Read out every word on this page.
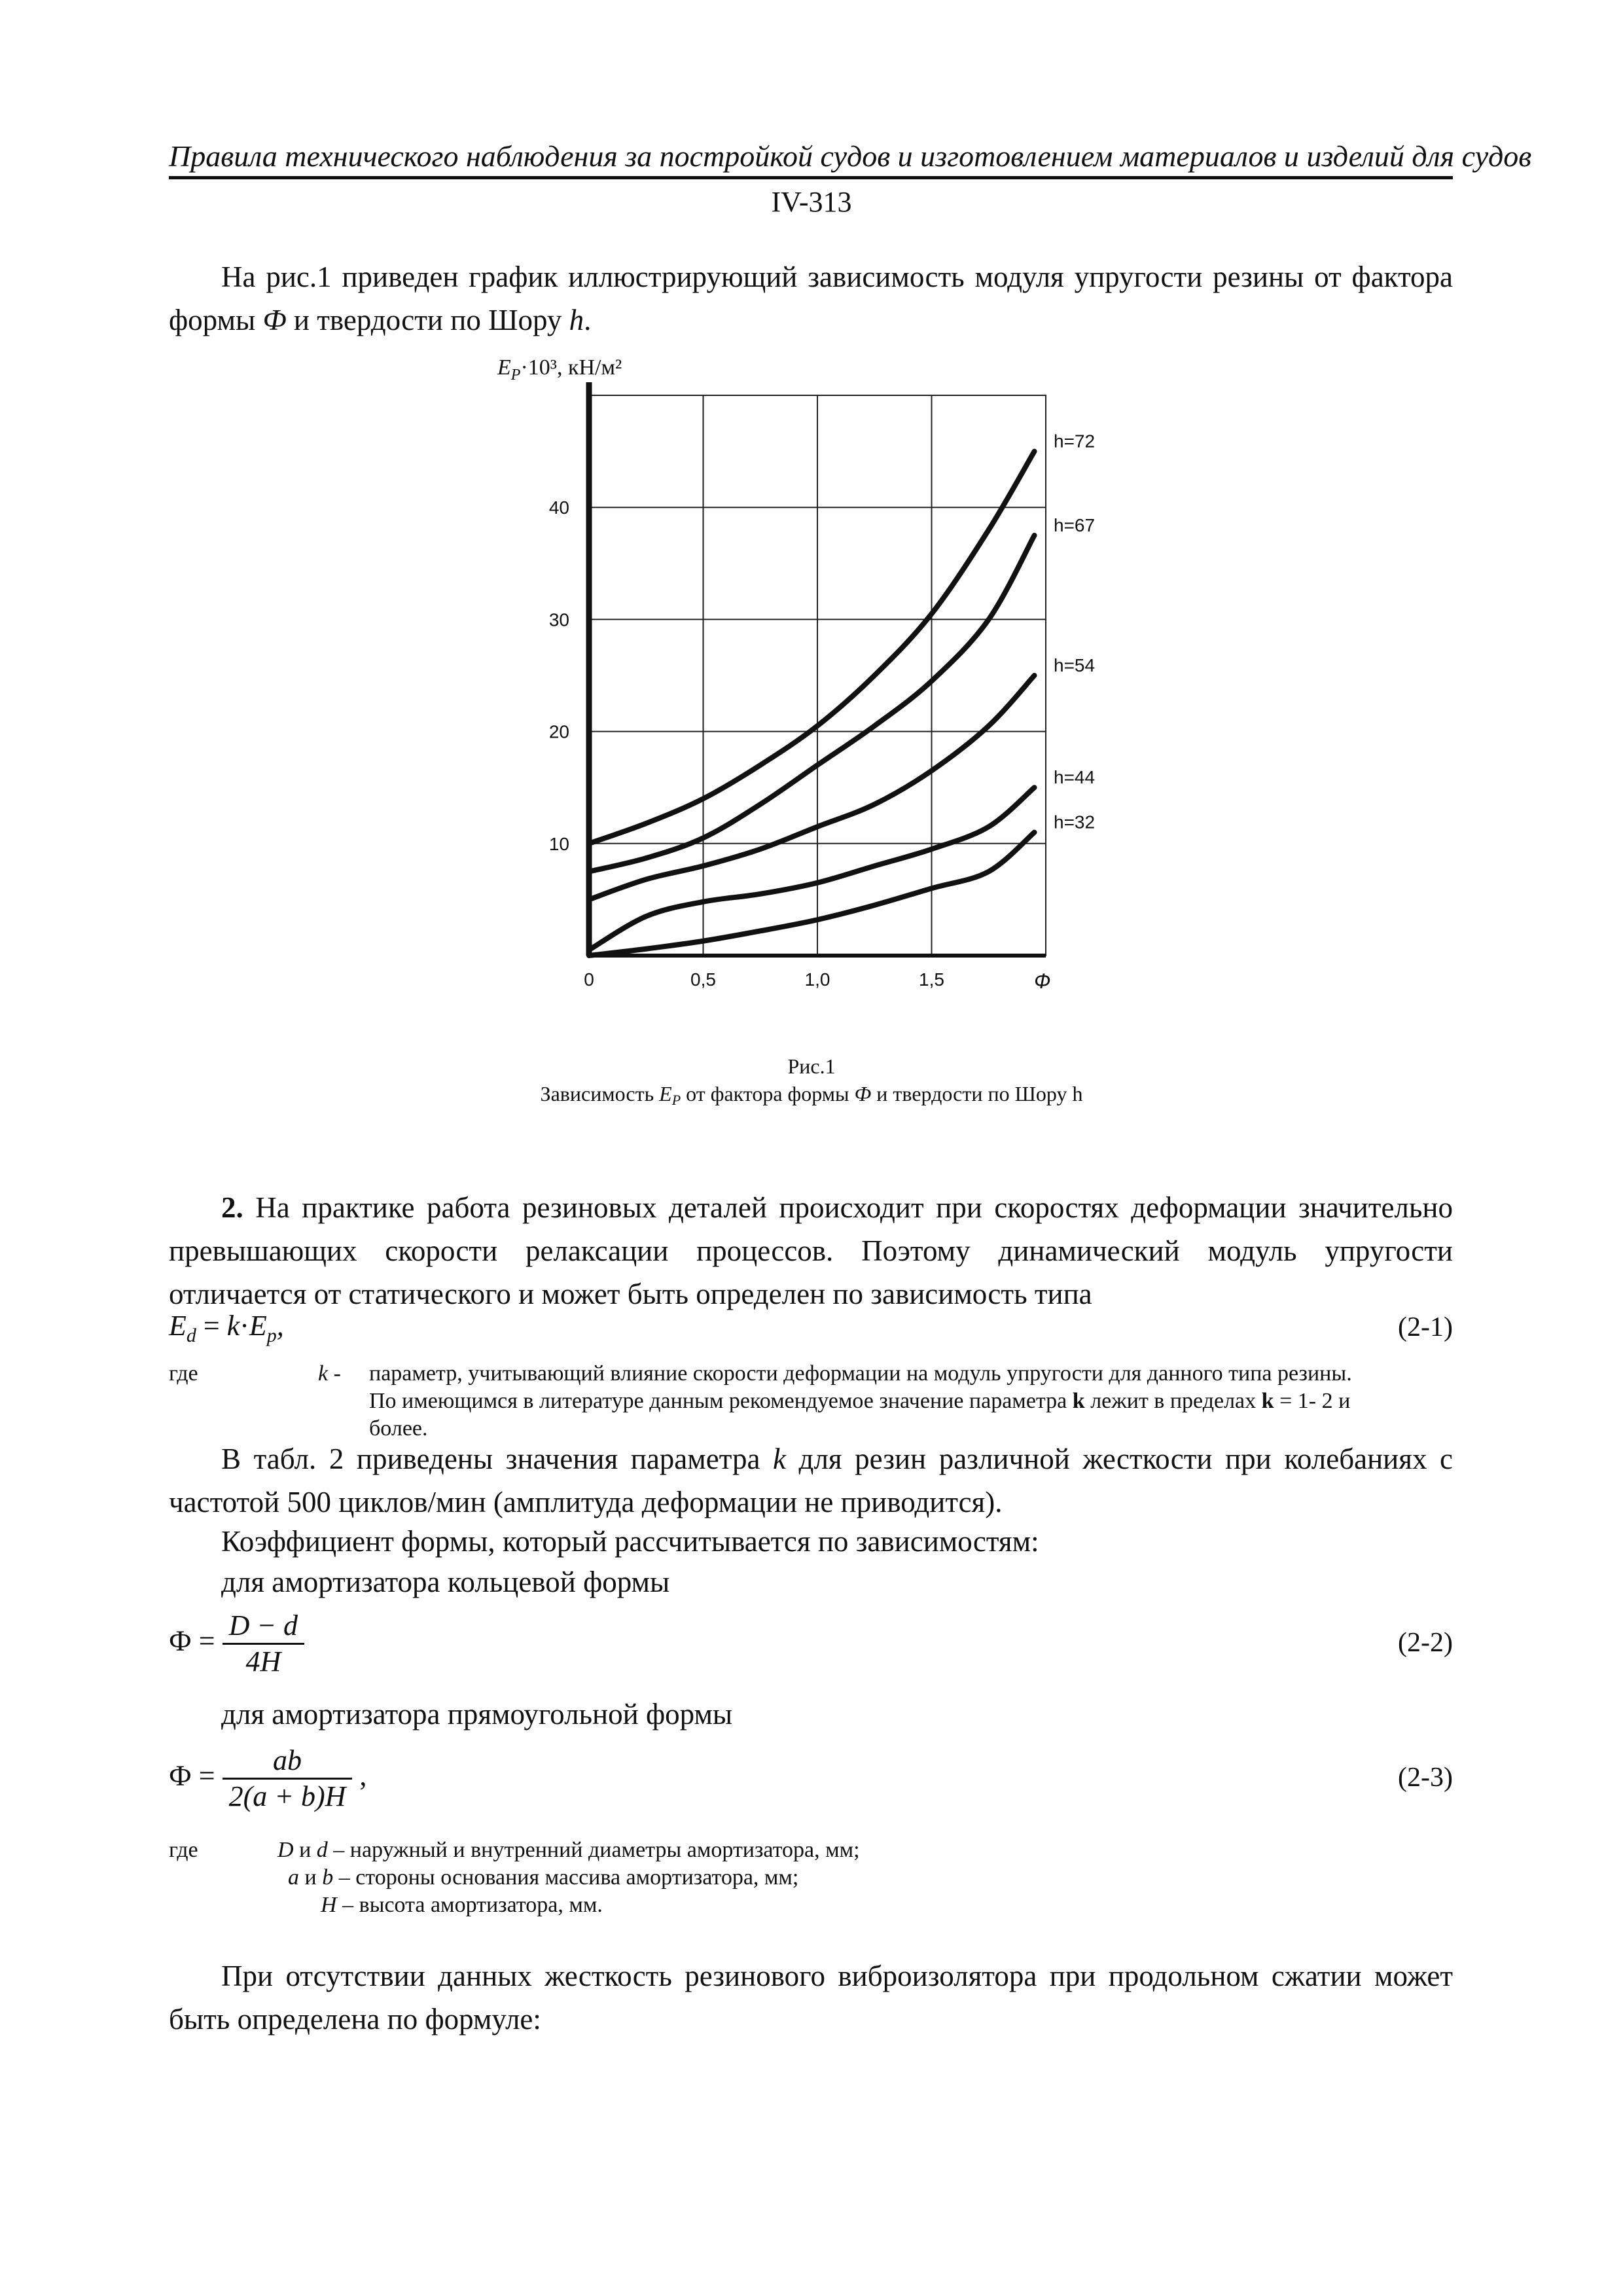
Правила технического наблюдения за постройкой судов и изготовлением материалов и изделий для судов
IV-313
На рис.1 приведен график иллюстрирующий зависимость модуля упругости резины от фактора формы Ф и твердости по Шору h.
$E_P\cdot 10^3$, кН/м²
Ф
0	0,5	1,0	1,5
10
20
30
40
h=72
h=67
h=54
h=44
h=32
Рис.1
Зависимость EP от фактора формы Ф и твердости по Шору h
2. На практике работа резиновых деталей происходит при скоростях деформации значительно превышающих скорости релаксации процессов. Поэтому динамический модуль упругости отличается от статического и может быть определен по зависимость типа
$E_d = k\cdot E_p$,	(2-1)
где	k - параметр, учитывающий влияние скорости деформации на модуль упругости для данного типа резины.
По имеющимся в литературе данным рекомендуемое значение параметра k лежит в пределах k = 1- 2 и
более.
В табл. 2 приведены значения параметра k для резин различной жесткости при колебаниях с частотой 500 циклов/мин (амплитуда деформации не приводится).
Коэффициент формы, который рассчитывается по зависимостям:
для амортизатора кольцевой формы
$Ф = \frac{D - d}{4H}$	(2-2)
для амортизатора прямоугольной формы
$Ф = \frac{ab}{2(a + b)H}$ ,	(2-3)
где	D и d – наружный и внутренний диаметры амортизатора, мм;
a и b – стороны основания массива амортизатора, мм;
H – высота амортизатора, мм.
При отсутствии данных жесткость резинового виброизолятора при продольном сжатии может быть определена по формуле:
